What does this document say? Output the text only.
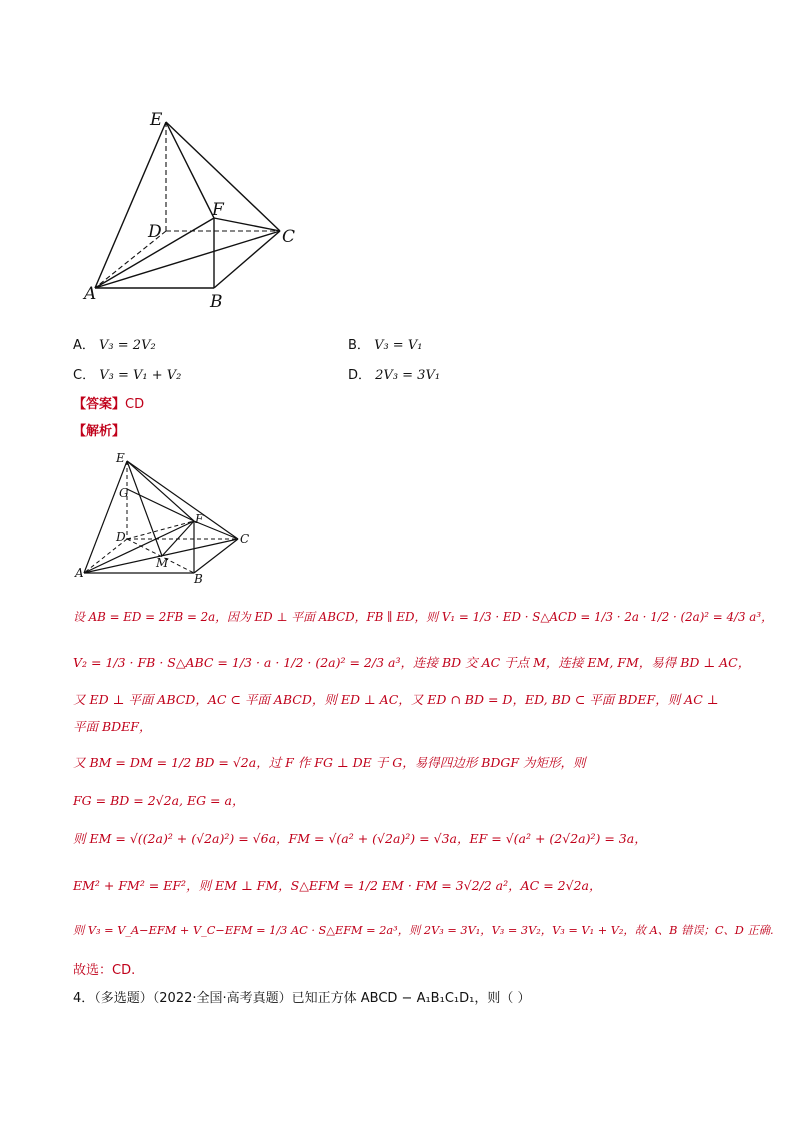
E
D
F
C
A	B
A． V₃ = 2V₂	B． V₃ = V₁
C． V₃ = V₁ + V₂	D． 2V₃ = 3V₁
【答案】CD
【解析】
E
G
F
D	C
M
A	B
设 AB = ED = 2FB = 2a，因为 ED ⊥ 平面 ABCD，FB ∥ ED，则 V₁ = 1/3 · ED · S△ACD = 1/3 · 2a · 1/2 · (2a)² = 4/3 a³，
V₂ = 1/3 · FB · S△ABC = 1/3 · a · 1/2 · (2a)² = 2/3 a³，连接 BD 交 AC 于点 M，连接 EM, FM，易得 BD ⊥ AC，
又 ED ⊥ 平面 ABCD，AC ⊂ 平面 ABCD，则 ED ⊥ AC，又 ED ∩ BD = D，ED, BD ⊂ 平面 BDEF，则 AC ⊥
平面 BDEF，
又 BM = DM = 1/2 BD = √2a，过 F 作 FG ⊥ DE 于 G，易得四边形 BDGF 为矩形，则
FG = BD = 2√2a, EG = a，
则 EM = √((2a)² + (√2a)²) = √6a，FM = √(a² + (√2a)²) = √3a，EF = √(a² + (2√2a)²) = 3a，
EM² + FM² = EF²，则 EM ⊥ FM，S△EFM = 1/2 EM · FM = 3√2/2 a²，AC = 2√2a，
则 V₃ = V_A−EFM + V_C−EFM = 1/3 AC · S△EFM = 2a³，则 2V₃ = 3V₁，V₃ = 3V₂，V₃ = V₁ + V₂，故 A、B 错误；C、D 正确.
故选：CD.
4．（多选题）（2022·全国·高考真题）已知正方体 ABCD − A₁B₁C₁D₁，则（ ）
